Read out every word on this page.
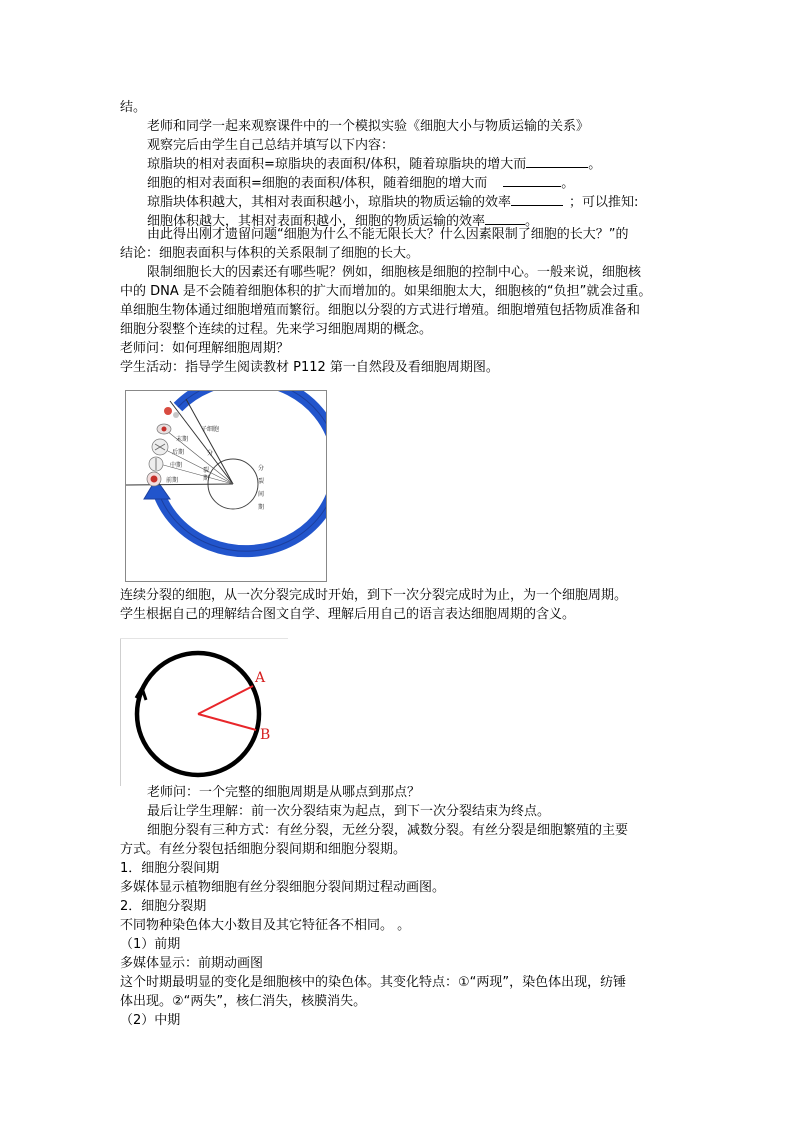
结。
老师和同学一起来观察课件中的一个模拟实验《细胞大小与物质运输的关系》
观察完后由学生自己总结并填写以下内容：
琼脂块的相对表面积=琼脂块的表面积/体积，随着琼脂块的增大而	。
细胞的相对表面积=细胞的表面积/体积，随着细胞的增大而	。
琼脂块体积越大，其相对表面积越小，琼脂块的物质运输的效率	；可以推知:
细胞体积越大，其相对表面积越小，细胞的物质运输的效率	。
由此得出刚才遗留问题“细胞为什么不能无限长大？什么因素限制了细胞的长大？”的
结论：细胞表面积与体积的关系限制了细胞的长大。
限制细胞长大的因素还有哪些呢？例如，细胞核是细胞的控制中心。一般来说，细胞核
中的 DNA 是不会随着细胞体积的扩大而增加的。如果细胞太大，细胞核的“负担”就会过重。
单细胞生物体通过细胞增殖而繁衍。细胞以分裂的方式进行增殖。细胞增殖包括物质准备和
细胞分裂整个连续的过程。先来学习细胞周期的概念。
老师问：如何理解细胞周期？
学生活动：指导学生阅读教材 P112 第一自然段及看细胞周期图。
子细胞
末期
后期
中期
前期
分
裂
期
分
裂
间
期
连续分裂的细胞，从一次分裂完成时开始，到下一次分裂完成时为止，为一个细胞周期。
学生根据自己的理解结合图文自学、理解后用自己的语言表达细胞周期的含义。
A
B
老师问：一个完整的细胞周期是从哪点到那点？
最后让学生理解：前一次分裂结束为起点，到下一次分裂结束为终点。
细胞分裂有三种方式：有丝分裂，无丝分裂，减数分裂。有丝分裂是细胞繁殖的主要
方式。有丝分裂包括细胞分裂间期和细胞分裂期。
1．细胞分裂间期
多媒体显示植物细胞有丝分裂细胞分裂间期过程动画图。
2．细胞分裂期
不同物种染色体大小数目及其它特征各不相同。 。
（1）前期
多媒体显示：前期动画图
这个时期最明显的变化是细胞核中的染色体。其变化特点：①“两现”，染色体出现，纺锤
体出现。②“两失”，核仁消失，核膜消失。
（2）中期
